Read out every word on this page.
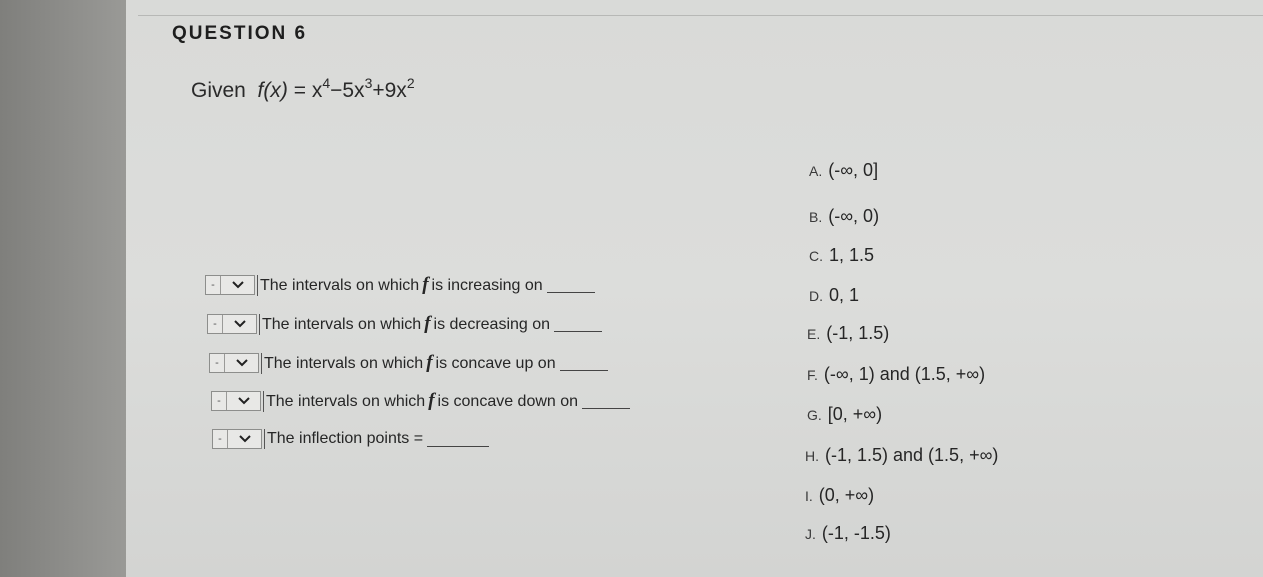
QUESTION 6
Given $f(x) = x^4-5x^3+9x^2$
-	The intervals on which f is increasing on
-	The intervals on which f is decreasing on
-	The intervals on which f is concave up on
-	The intervals on which f is concave down on
-	The inflection points =
A. (-∞, 0]
B. (-∞, 0)
C. 1, 1.5
D. 0, 1
E. (-1, 1.5)
F. (-∞, 1) and (1.5, +∞)
G. [0, +∞)
H. (-1, 1.5) and (1.5, +∞)
I. (0, +∞)
J. (-1, -1.5)
